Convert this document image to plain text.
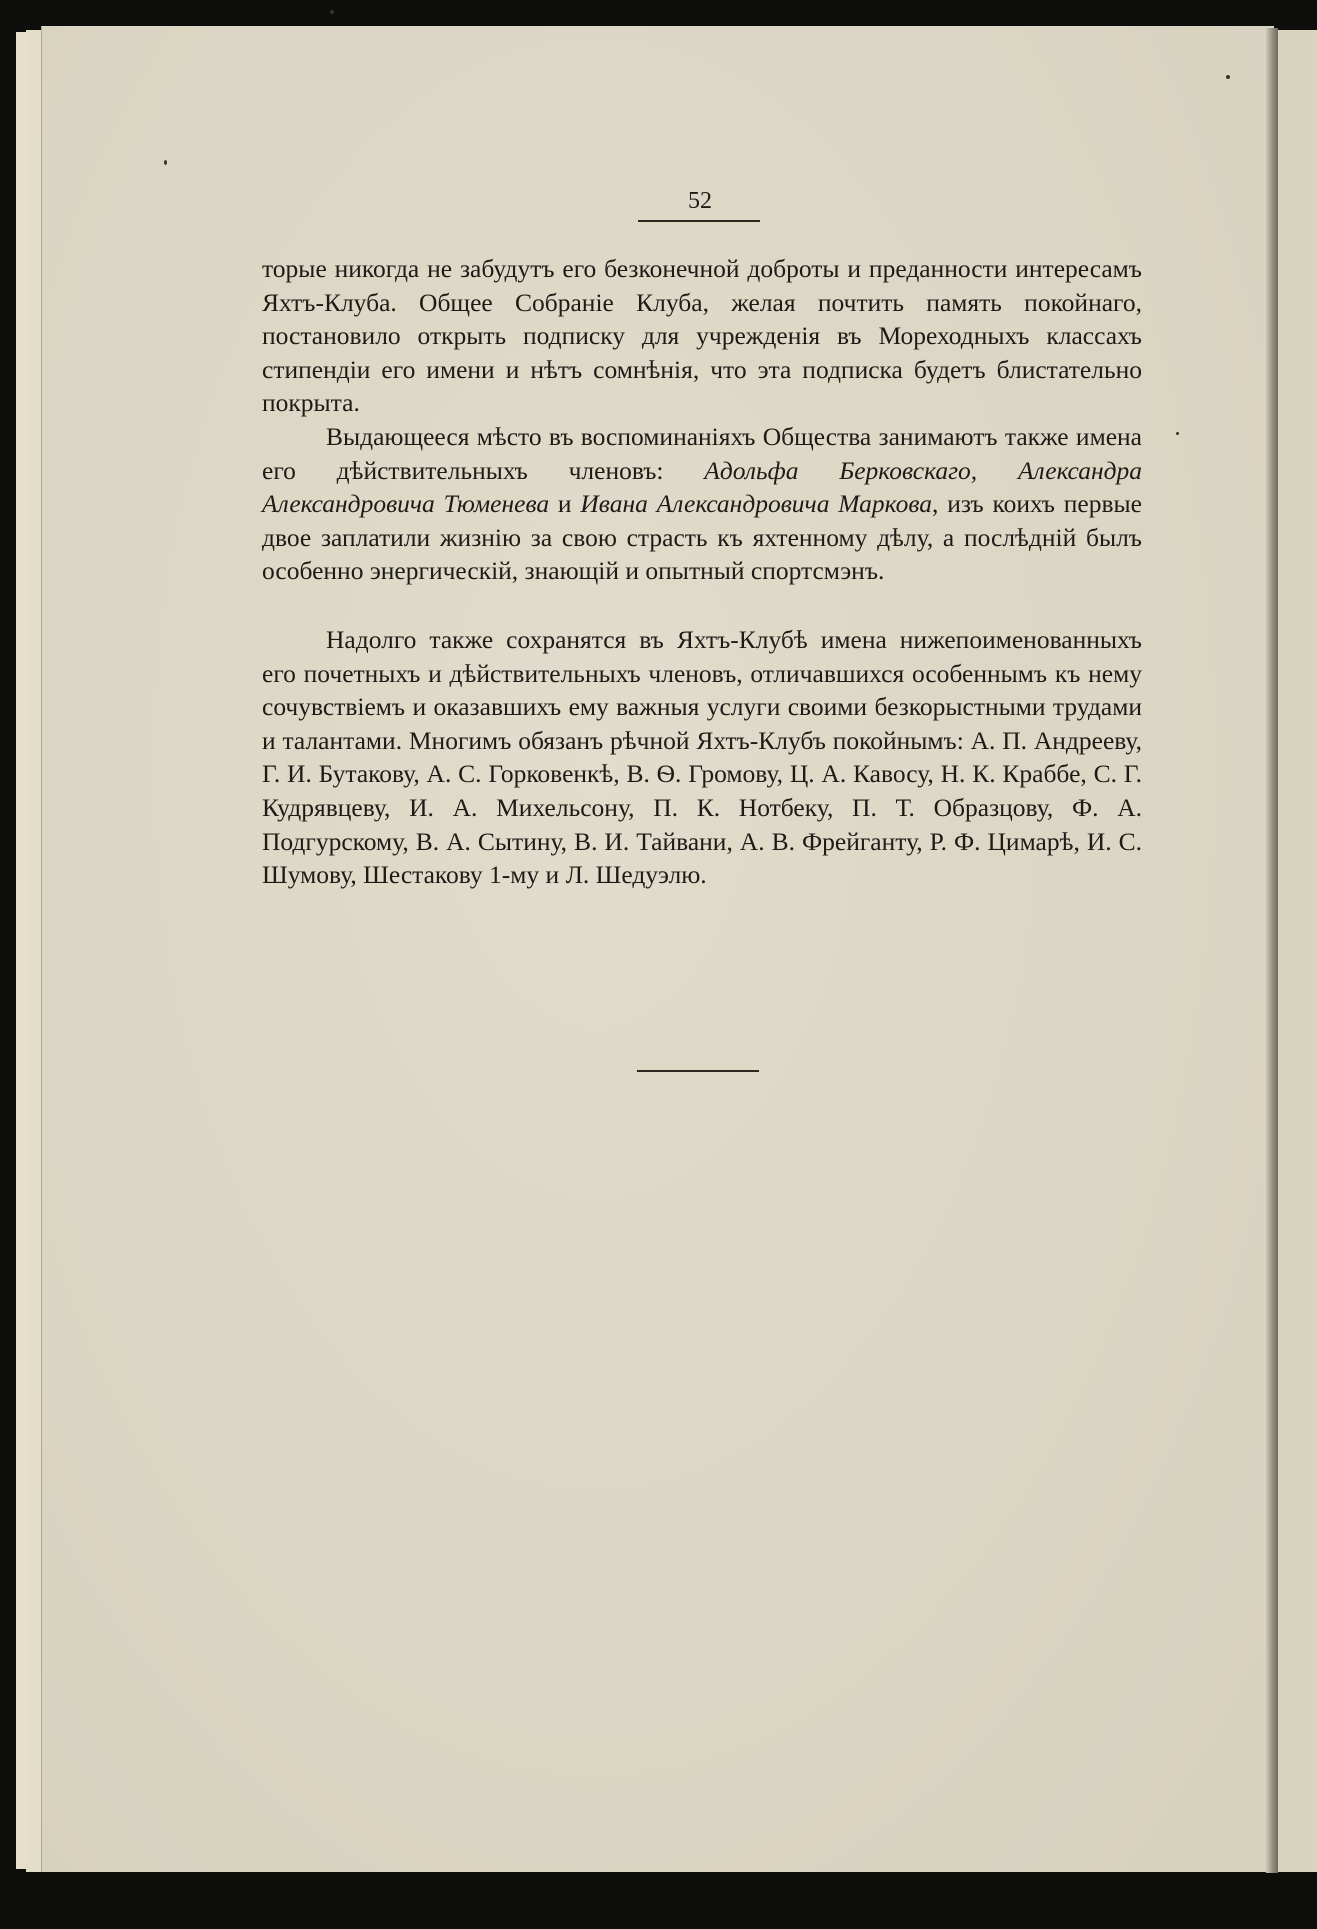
52

торые никогда не забудутъ его безконечной доброты и преданности интересамъ Яхтъ-Клуба. Общее Собраніе Клуба, желая почтить память покойнаго, постановило открыть подписку для учрежденія въ Мореходныхъ классахъ стипендіи его имени и нѣтъ сомнѣнія, что эта подписка будетъ блистательно покрыта.

Выдающееся мѣсто въ воспоминаніяхъ Общества занимаютъ также имена его дѣйствительныхъ членовъ: Адольфа Берковскаго, Александра Александровича Тюменева и Ивана Александровича Маркова, изъ коихъ первые двое заплатили жизнію за свою страсть къ яхтенному дѣлу, а послѣдній былъ особенно энергическій, знающій и опытный спортсмэнъ.

Надолго также сохранятся въ Яхтъ-Клубѣ имена нижепоименованныхъ его почетныхъ и дѣйствительныхъ членовъ, отличавшихся особеннымъ къ нему сочувствіемъ и оказавшихъ ему важныя услуги своими безкорыстными трудами и талантами. Многимъ обязанъ рѣчной Яхтъ-Клубъ покойнымъ: А. П. Андрееву, Г. И. Бутакову, А. С. Горковенкѣ, В. Ѳ. Громову, Ц. А. Кавосу, Н. К. Краббе, С. Г. Кудрявцеву, И. А. Михельсону, П. К. Нотбеку, П. Т. Образцову, Ф. А. Подгурскому, В. А. Сытину, В. И. Тайвани, А. В. Фрейганту, Р. Ф. Цимарѣ, И. С. Шумову, Шестакову 1-му и Л. Шедуэлю.
